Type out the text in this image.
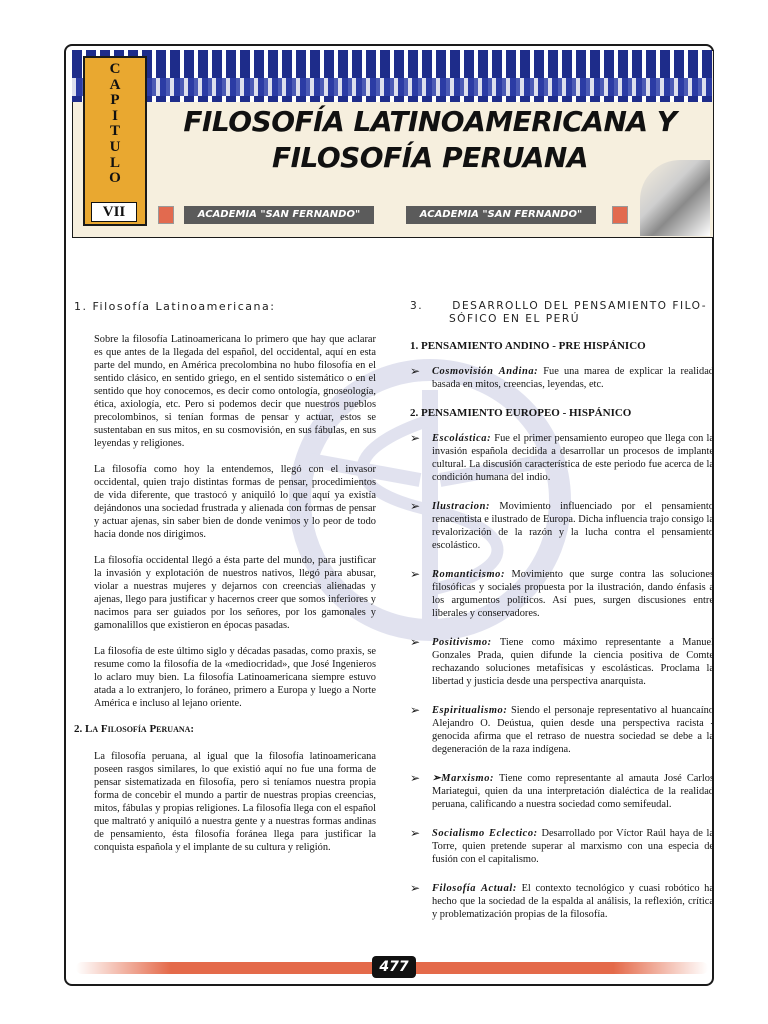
C
A
P
I
T
U
L
O
VII
FILOSOFÍA LATINOAMERICANA Y
FILOSOFÍA PERUANA
ACADEMIA "SAN FERNANDO"	ACADEMIA "SAN FERNANDO"
1. Filosofía Latinoamericana:

Sobre la filosofía Latinoamericana lo primero que hay que aclarar es que antes de la llegada del español, del occidental, aquí en esta parte del mundo, en América precolombina no hubo filosofía en el sentido clásico, en sentido griego, en el sentido sistemático o en el sentido que hoy conocemos, es decir como ontología, gnoseología, ética, axiología, etc. Pero si podemos decir que nuestros pueblos precolombinos, si tenían formas de pensar y actuar, estos se sustentaban en sus mitos, en su cosmovisión, en sus fábulas, en sus leyendas y religiones.

La filosofía como hoy la entendemos, llegó con el invasor occidental, quien trajo distintas formas de pensar, procedimientos de vida diferente, que trastocó y aniquiló lo que aquí ya existía dejándonos una sociedad frustrada y alienada con formas de pensar y actuar ajenas, sin saber bien de donde venimos y lo peor de todo hacia donde nos dirigimos.

La filosofía occidental llegó a ésta parte del mundo, para justificar la invasión y explotación de nuestros nativos, llegó para abusar, violar a nuestras mujeres y dejarnos con creencias alienadas y ajenas, llego para justificar y hacernos creer que somos inferiores y nacimos para ser guiados por los señores, por los gamonales y gamonalillos que existieron en épocas pasadas.

La filosofía de este último siglo y décadas pasadas, como praxis, se resume como la filosofía de la «mediocridad», que José Ingenieros lo aclaro muy bien. La filosofía Latinoamericana siempre estuvo atada a lo extranjero, lo foráneo, primero a Europa y luego a Norte América e incluso al lejano oriente.

2. La Filosofía Peruana:

La filosofía peruana, al igual que la filosofía latinoamericana poseen rasgos similares, lo que existió aquí no fue una forma de pensar sistematizada en filosofía, pero si teníamos nuestra propia forma de concebir el mundo a partir de nuestras propias creencias, mitos, fábulas y propias religiones. La filosofía llega con el español que maltrató y aniquiló a nuestra gente y a nuestras formas andinas de pensamiento, ésta filosofía foránea llega para justificar la conquista española y el implante de su cultura y religión.

3.      DESARROLLO DEL PENSAMIENTO FILO-
SÓFICO EN EL PERÚ
1. PENSAMIENTO ANDINO - PRE HISPÁNICO
➢ Cosmovisión Andina: Fue una marea de explicar la realidad basada en mitos, creencias, leyendas, etc.
2. PENSAMIENTO EUROPEO - HISPÁNICO
➢ Escolástica: Fue el primer pensamiento europeo que llega con la invasión española decidida a desarrollar un procesos de implante cultural. La discusión característica de este periodo fue acerca de la condición humana del indio.
➢ Ilustracion: Movimiento influenciado por el pensamiento renacentista e ilustrado de Europa. Dicha influencia trajo consigo la revalorización de la razón y la lucha contra el pensamiento escolástico.
➢ Romanticismo: Movimiento que surge contra las soluciones filosóficas y sociales propuesta por la ilustración, dando énfasis a los argumentos políticos. Así pues, surgen discusiones entre liberales y conservadores.
➢ Positivismo: Tiene como máximo representante a Manuel Gonzales Prada, quien difunde la ciencia positiva de Comte rechazando soluciones metafísicas y escolásticas. Proclama la libertad y justicia desde una perspectiva anarquista.
➢ Espiritualismo: Siendo el personaje representativo al huancaíno Alejandro O. Deústua, quien desde una perspectiva racista - genocida afirma que el retraso de nuestra sociedad se debe a la degeneración de la raza indígena.
➢ ➢Marxismo: Tiene como representante al amauta José Carlos Mariategui, quien da una interpretación dialéctica de la realidad peruana, calificando a nuestra sociedad como semifeudal.
➢ Socialismo Eclectico: Desarrollado por Víctor Raúl haya de la Torre, quien pretende superar al marxismo con una especia de fusión con el capitalismo.
➢ Filosofía Actual: El contexto tecnológico y cuasi robótico ha hecho que la sociedad de la espalda al análisis, la reflexión, crítica y problematización propias de la filosofía.
477
